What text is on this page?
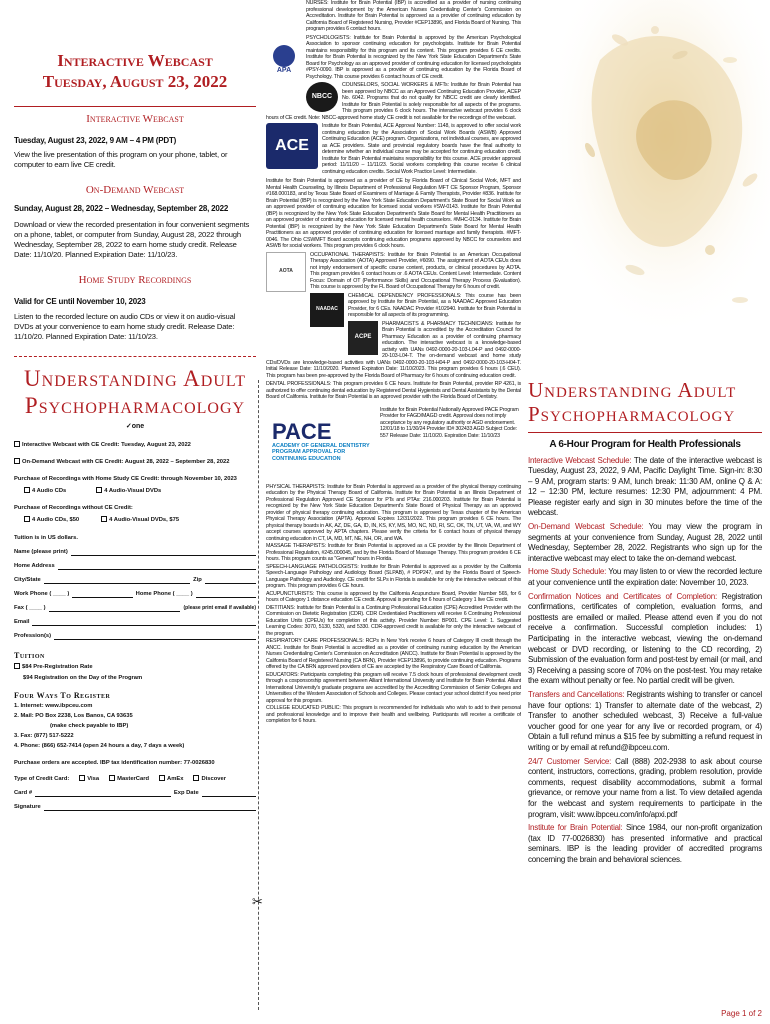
Interactive Webcast
Tuesday, August 23, 2022
Interactive Webcast
Tuesday, August 23, 2022, 9 AM – 4 PM (PDT)
View the live presentation of this program on your phone, tablet, or computer to earn live CE credit.
On-Demand Webcast
Sunday, August 28, 2022 – Wednesday, September 28, 2022
Download or view the recorded presentation in four convenient segments on a phone, tablet, or computer from Sunday, August 28, 2022 through Wednesday, September 28, 2022 to earn home study credit. Release Date: 11/10/20. Planned Expiration Date: 11/10/23.
Home Study Recordings
Valid for CE until November 10, 2023
Listen to the recorded lecture on audio CDs or view it on audio-visual DVDs at your convenience to earn home study credit. Release Date: 11/10/20. Planned Expiration Date: 11/10/23.
Understanding Adult
Psychopharmacology
✓one
Interactive Webcast with CE Credit: Tuesday, August 23, 2022
On-Demand Webcast with CE Credit: August 28, 2022 – September 28, 2022
Purchase of Recordings with Home Study CE Credit: through November 10, 2023
4 Audio CDs	4 Audio-Visual DVDs
Purchase of Recordings without CE Credit:
4 Audio CDs, $50	4 Audio-Visual DVDs, $75
Tuition is in US dollars.
Name (please print)
Home Address
City/State	Zip
Work Phone ( ____ )	Home Phone ( ____ )
Fax ( ____ )	(please print email if available)
Email
Profession(s)
Tuition
$84 Pre-Registration Rate
$94 Registration on the Day of the Program
Four Ways To Register
1. Internet: www.ibpceu.com
2. Mail: PO Box 2238, Los Banos, CA 93635
(make check payable to IBP)
3. Fax: (877) 517-5222
4. Phone: (866) 652-7414 (open 24 hours a day, 7 days a week)
Purchase orders are accepted. IBP tax identification number: 77-0026830
Type of Credit Card:	Visa	MasterCard	AmEx	Discover
Card #	Exp Date
Signature
✂
APA

NURSES: Institute for Brain Potential (IBP) is accredited as a provider of nursing continuing professional development by the American Nurses Credentialing Center's Commission on Accreditation. Institute for Brain Potential is approved as a provider of continuing education by California Board of Registered Nursing, Provider #CEP13896, and Florida Board of Nursing. This program provides 6 contact hours.

PSYCHOLOGISTS: Institute for Brain Potential is approved by the American Psychological Association to sponsor continuing education for psychologists. Institute for Brain Potential maintains responsibility for this program and its content. This program provides 6 CE credits. Institute for Brain Potential is recognized by the New York State Education Department's State Board for Psychology as an approved provider of continuing education for licensed psychologists #PSY-0090. IBP is approved as a provider of continuing education by the Florida Board of Psychology. This course provides 6 contact hours of CE credit.

NBCC

COUNSELORS, SOCIAL WORKERS & MFTs: Institute for Brain Potential has been approved by NBCC as an Approved Continuing Education Provider, ACEP No. 6042. Programs that do not qualify for NBCC credit are clearly identified. Institute for Brain Potential is solely responsible for all aspects of the programs. This program provides 6 clock hours. The interactive webcast provides 6 clock hours of CE credit. Note: NBCC-approved home study CE credit is not available for the recordings of the webcast.

ACE

Institute for Brain Potential, ACE Approval Number: 1148, is approved to offer social work continuing education by the Association of Social Work Boards (ASWB) Approved Continuing Education (ACE) program. Organizations, not individual courses, are approved as ACE providers. State and provincial regulatory boards have the final authority to determine whether an individual course may be accepted for continuing education credit. Institute for Brain Potential maintains responsibility for this course. ACE provider approval period: 11/11/20 – 11/11/23. Social workers completing this course receive 6 clinical continuing education credits. Social Work Practice Level: Intermediate.

Institute for Brain Potential is approved as a provider of CE by Florida Board of Clinical Social Work, MFT and Mental Health Counseling, by Illinois Department of Professional Regulation MFT CE Sponsor Program, Sponsor #168.000183, and by Texas State Board of Examiners of Marriage & Family Therapists, Provider #836. Institute for Brain Potential (IBP) is recognized by the New York State Education Department's State Board for Social Work as an approved provider of continuing education for licensed social workers #SW-0143. Institute for Brain Potential (IBP) is recognized by the New York State Education Department's State Board for Mental Health Practitioners as an approved provider of continuing education for licensed mental health counselors. #MHC-0134. Institute for Brain Potential (IBP) is recognized by the New York State Education Department's State Board for Mental Health Practitioners as an approved provider of continuing education for licensed marriage and family therapists. #MFT-0046. The Ohio CSWMFT Board accepts continuing education programs approved by NBCC for counselors and ASWB for social workers. This program provides 6 clock hours.

AOTA

OCCUPATIONAL THERAPISTS: Institute for Brain Potential is an American Occupational Therapy Association (AOTA) Approved Provider, #6090. The assignment of AOTA CEUs does not imply endorsement of specific course content, products, or clinical procedures by AOTA. This program provides 6 contact hours or .6 AOTA CEUs. Content Level: Intermediate. Content Focus: Domain of OT (Performance Skills) and Occupational Therapy Process (Evaluation). This course is approved by the FL Board of Occupational Therapy for 6 hours of credit.

NAADAC

CHEMICAL DEPENDENCY PROFESSIONALS: This course has been approved by Institute for Brain Potential, as a NAADAC Approved Education Provider, for 6 CEs. NAADAC Provider #102940. Institute for Brain Potential is responsible for all aspects of its programming.

ACPE

PHARMACISTS & PHARMACY TECHNICIANS: Institute for Brain Potential is accredited by the Accreditation Council for Pharmacy Education as a provider of continuing pharmacy education. The interactive webcast is a knowledge-based activity with UANs 0492-0000-20-103-L04-P and 0492-0000-20-103-L04-T. The on-demand webcast and home study CDs/DVDs are knowledge-based activities with UANs 0492-0000-20-103-H04-P and 0492-0000-20-103-H04-T. Initial Release Date: 11/10/2020. Planned Expiration Date: 11/10/2023. This program provides 6 hours (.6 CEU). This program has been pre-approved by the Florida Board of Pharmacy for 6 hours of continuing education credit.

DENTAL PROFESSIONALS: This program provides 6 CE hours. Institute for Brain Potential, provider RP 4261, is authorized to offer continuing dental education by Registered Dental Hygienists and Dental Assistants by the Dental Board of California. Institute for Brain Potential is an approved provider with the Florida Board of Dentistry.

PACE
ACADEMY OF GENERAL DENTISTRY
PROGRAM APPROVAL FOR CONTINUING EDUCATION

Institute for Brain Potential Nationally Approved PACE Program Provider for FAGD/MAGD credit. Approval does not imply acceptance by any regulatory authority or AGD endorsement. 12/01/18 to 11/30/24 Provider ID# 302433 AGD Subject Code: 557 Release Date: 11/10/20. Expiration Date: 11/10/23

PHYSICAL THERAPISTS: Institute for Brain Potential is approved as a provider of the physical therapy continuing education by the Physical Therapy Board of California. Institute for Brain Potential is an Illinois Department of Professional Regulation Approved CE Sponsor for PTs and PTAs: 216.000203. Institute for Brain Potential is recognized by the New York State Education Department's State Board of Physical Therapy as an approved provider of physical therapy continuing education. This program is approved by Texas chapter of the American Physical Therapy Association (APTA). Approval Expires 12/31/2022. This program provides 6 CE hours. The physical therapy boards in AK, AZ, DE, GA, ID, IN, KS, KY, MS, MO, NC, ND, RI, SC, OK, TN, UT, VA, WI, and WY accept courses approved by APTA chapters. Please verify the criteria for 6 contact hours of physical therapy continuing education in CT, IA, MD, MT, NE, NH, OR, and WA.

MASSAGE THERAPISTS: Institute for Brain Potential is approved as a CE provider by the Illinois Department of Professional Regulation, #245.000045, and by the Florida Board of Massage Therapy. This program provides 6 CE hours. This program counts as "General" hours in Florida.

SPEECH-LANGUAGE PATHOLOGISTS: Institute for Brain Potential is approved as a provider by the California Speech-Language Pathology and Audiology Board (SLPAB), # PDP247, and by the Florida Board of Speech-Language Pathology and Audiology. CE credit for SLPs in Florida is available for only the interactive webcast of this program. This program provides 6 CE hours.

ACUPUNCTURISTS: This course is approved by the California Acupuncture Board, Provider Number 565, for 6 hours of Category 1 distance education CE credit. Approval is pending for 6 hours of Category 1 live CE credit.

DIETITIANS: Institute for Brain Potential is a Continuing Professional Education (CPE) Accredited Provider with the Commission on Dietetic Registration (CDR). CDR Credentialed Practitioners will receive 6 Continuing Professional Education Units (CPEUs) for completion of this activity. Provider Number: BP001. CPE Level: 1. Suggested Learning Codes: 3070, 5130, 5320, and 5330. CDR-approved credit is available for only the interactive webcast of the program.

RESPIRATORY CARE PROFESSIONALS: RCPs in New York receive 6 hours of Category III credit through the ANCC. Institute for Brain Potential is accredited as a provider of continuing nursing education by the American Nurses Credentialing Center's Commission on Accreditation (ANCC). Institute for Brain Potential is approved by the California Board of Registered Nursing (CA BRN), Provider #CEP13896, to provide continuing education. Programs offered by the CA BRN approved providers of CE are accepted by the Respiratory Care Board of California.

EDUCATORS: Participants completing this program will receive 7.5 clock hours of professional development credit through a cosponsorship agreement between Alliant International University and Institute for Brain Potential. Alliant International University's graduate programs are accredited by the Accrediting Commission of Senior Colleges and Universities of the Western Association of Schools and Colleges. Please contact your school district if you need prior approval for this program.

COLLEGE EDUCATED PUBLIC: This program is recommended for individuals who wish to add to their personal and professional knowledge and to improve their health and wellbeing. Participants will receive a certificate of completion for 6 hours.

Understanding Adult
Psychopharmacology
A 6-Hour Program for Health Professionals

Interactive Webcast Schedule: The date of the interactive webcast is Tuesday, August 23, 2022, 9 AM, Pacific Daylight Time. Sign-in: 8:30 – 9 AM, program starts: 9 AM, lunch break: 11:30 AM, online Q & A: 12 – 12:30 PM, lecture resumes: 12:30 PM, adjournment: 4 PM. Please register early and sign in 30 minutes before the time of the webcast.

On-Demand Webcast Schedule: You may view the program in segments at your convenience from Sunday, August 28, 2022 until Wednesday, September 28, 2022. Registrants who sign up for the interactive webcast may elect to take the on-demand webcast.

Home Study Schedule: You may listen to or view the recorded lecture at your convenience until the expiration date: November 10, 2023.

Confirmation Notices and Certificates of Completion: Registration confirmations, certificates of completion, evaluation forms, and posttests are emailed or mailed. Please attend even if you do not receive a confirmation. Successful completion includes: 1) Participating in the interactive webcast, viewing the on-demand webcast or DVD recording, or listening to the CD recording, 2) Submission of the evaluation form and post-test by email (or mail, and 3) Receiving a passing score of 70% on the post-test. You may retake the exam without penalty or fee. No partial credit will be given.

Transfers and Cancellations: Registrants wishing to transfer or cancel have four options: 1) Transfer to alternate date of the webcast, 2) Transfer to another scheduled webcast, 3) Receive a full-value voucher good for one year for any live or recorded program, or 4) Obtain a full refund minus a $15 fee by submitting a refund request in writing or by email at refund@ibpceu.com.

24/7 Customer Service: Call (888) 202-2938 to ask about course content, instructors, corrections, grading, problem resolution, provide comments, request disability accommodations, submit a formal grievance, or remove your name from a list. To view detailed agenda for the webcast and system requirements to participate in the program, visit: www.ibpceu.com/info/apxi.pdf

Institute for Brain Potential: Since 1984, our non-profit organization (tax ID 77-0026830) has presented informative and practical seminars. IBP is the leading provider of accredited programs concerning the brain and behavioral sciences.

Page 1 of 2
